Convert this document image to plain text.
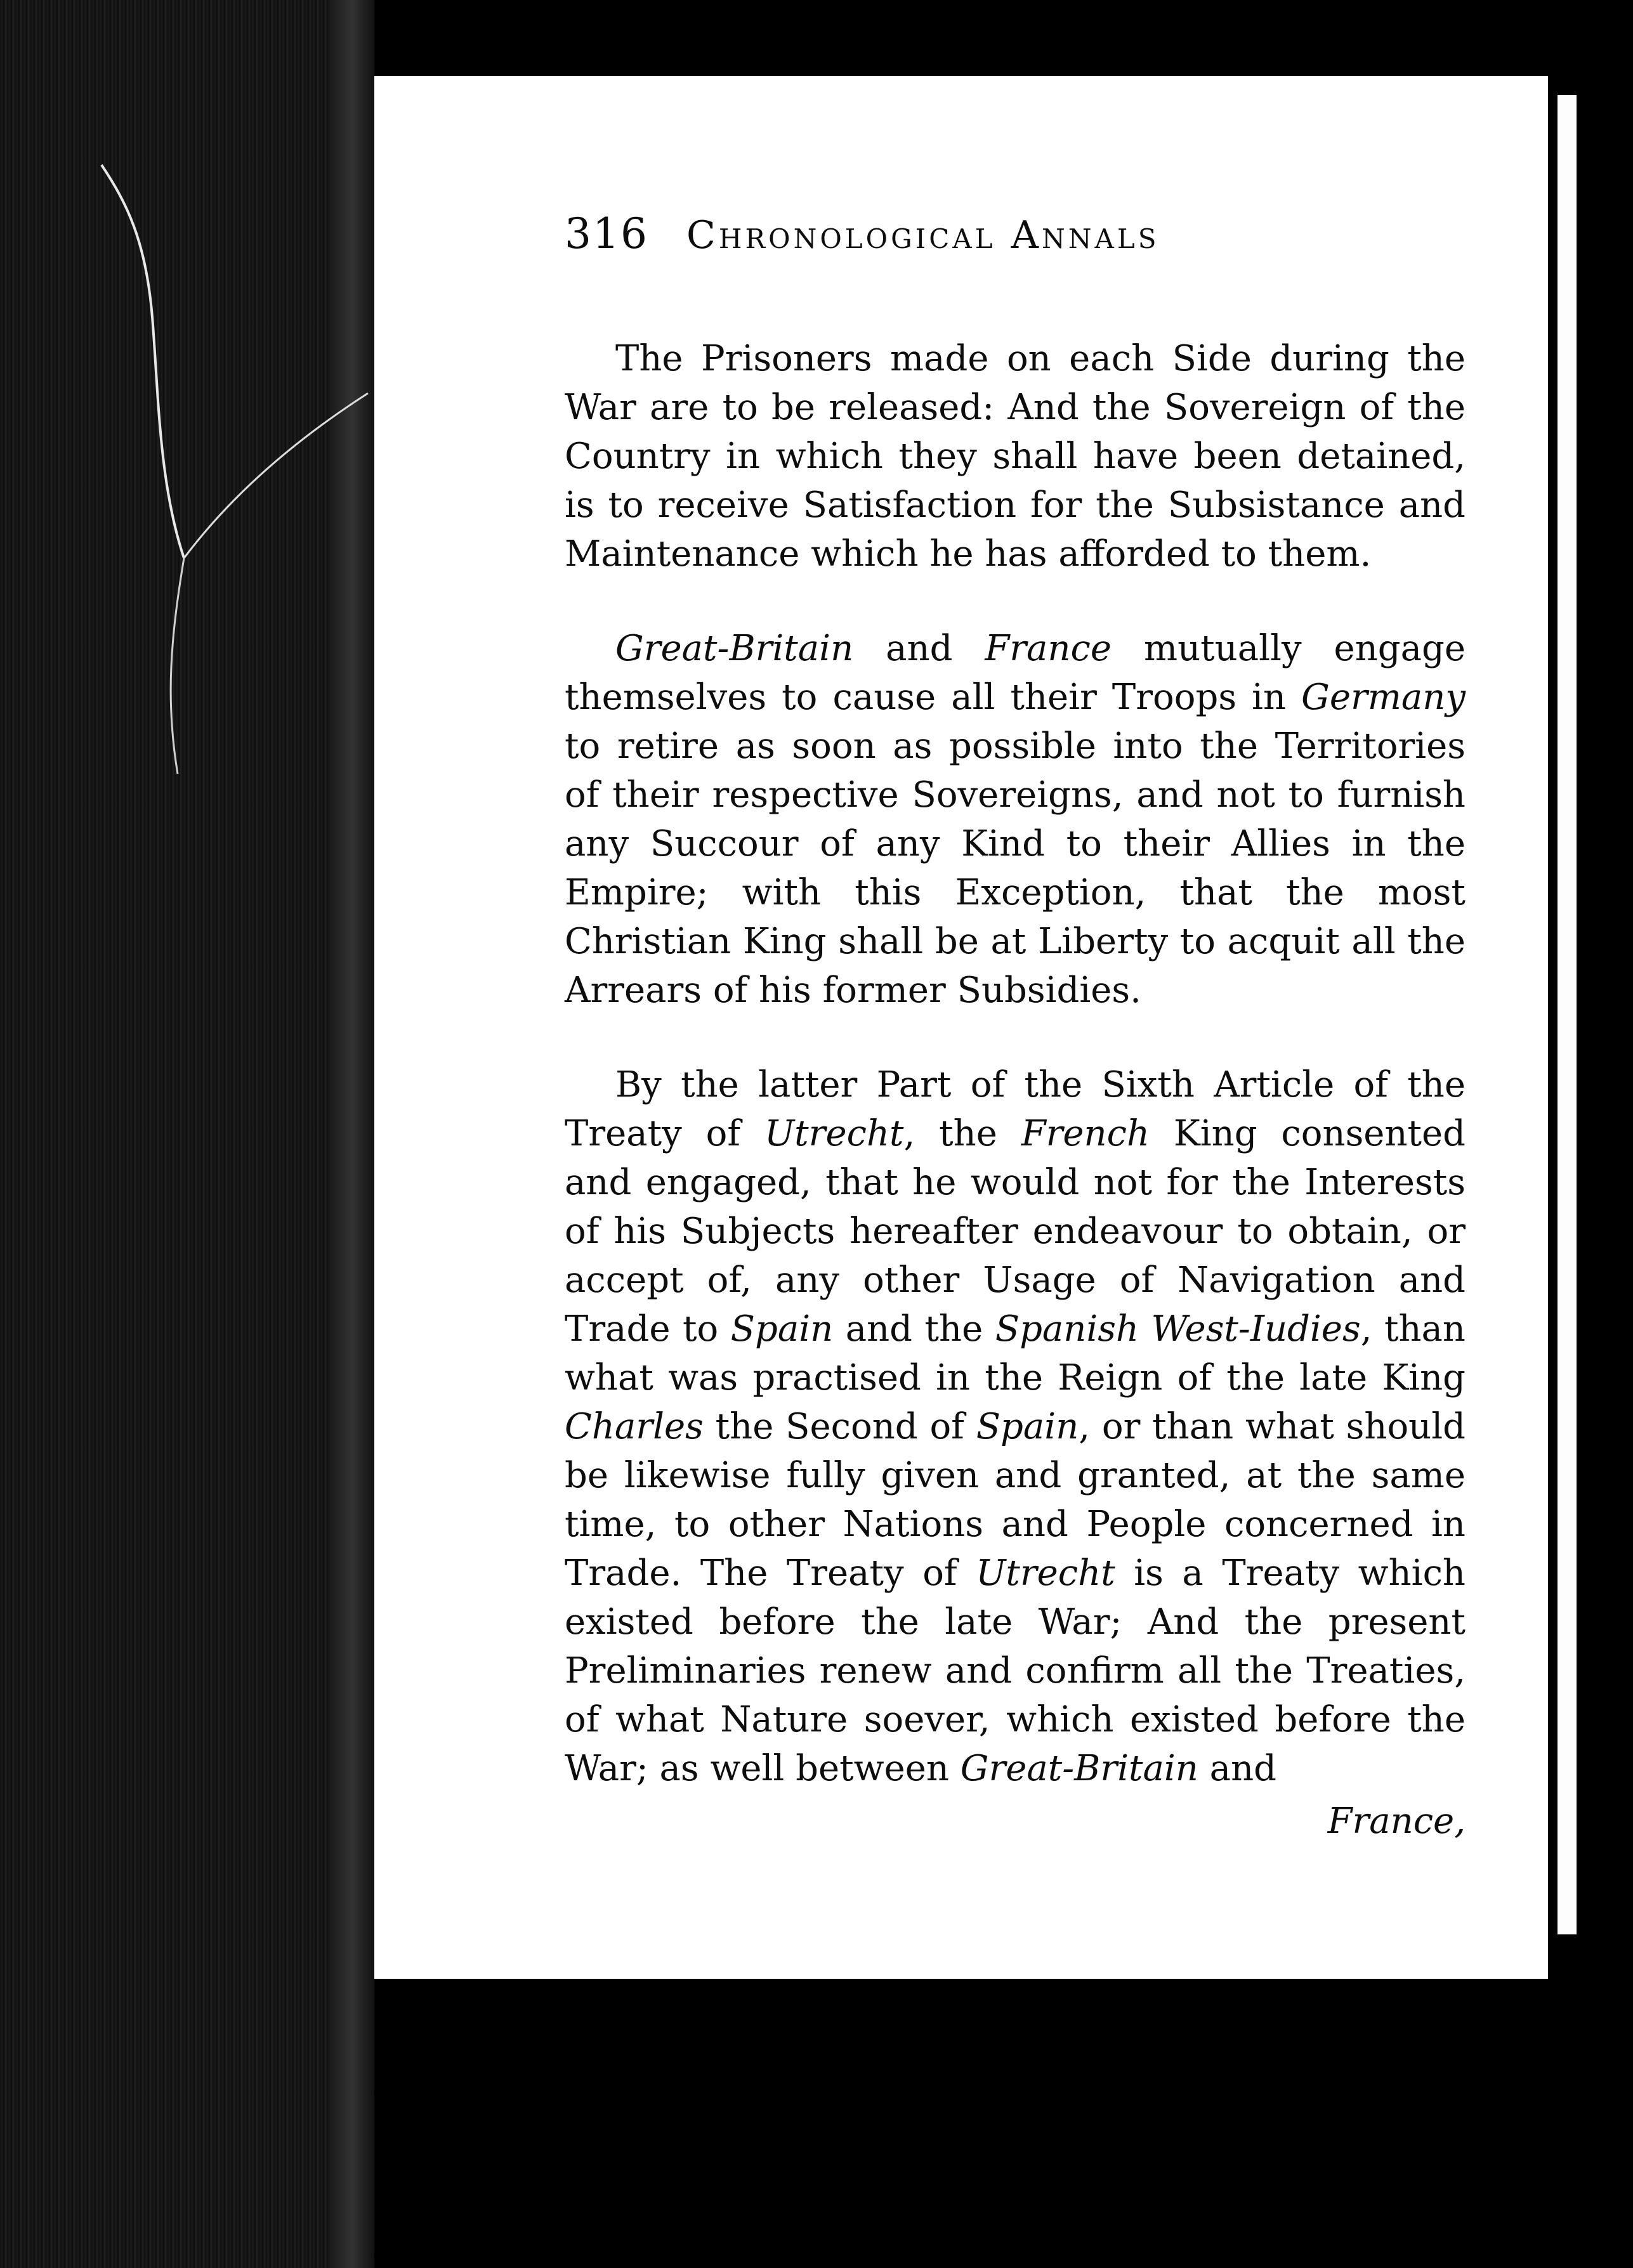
316 Chronological Annals

The Prisoners made on each Side during the War are to be released: And the Sovereign of the Country in which they shall have been detained, is to receive Satisfaction for the Subsistance and Maintenance which he has afforded to them.

Great-Britain and France mutually engage themselves to cause all their Troops in Germany to retire as soon as possible into the Territories of their respective Sovereigns, and not to furnish any Succour of any Kind to their Allies in the Empire; with this Exception, that the most Christian King shall be at Liberty to acquit all the Arrears of his former Subsidies.

By the latter Part of the Sixth Article of the Treaty of Utrecht, the French King consented and engaged, that he would not for the Interests of his Subjects hereafter endeavour to obtain, or accept of, any other Usage of Navigation and Trade to Spain and the Spanish West-Iudies, than what was practised in the Reign of the late King Charles the Second of Spain, or than what should be likewise fully given and granted, at the same time, to other Nations and People concerned in Trade. The Treaty of Utrecht is a Treaty which existed before the late War; And the present Preliminaries renew and confirm all the Treaties, of what Nature soever, which existed before the War; as well between Great-Britain and

France,
